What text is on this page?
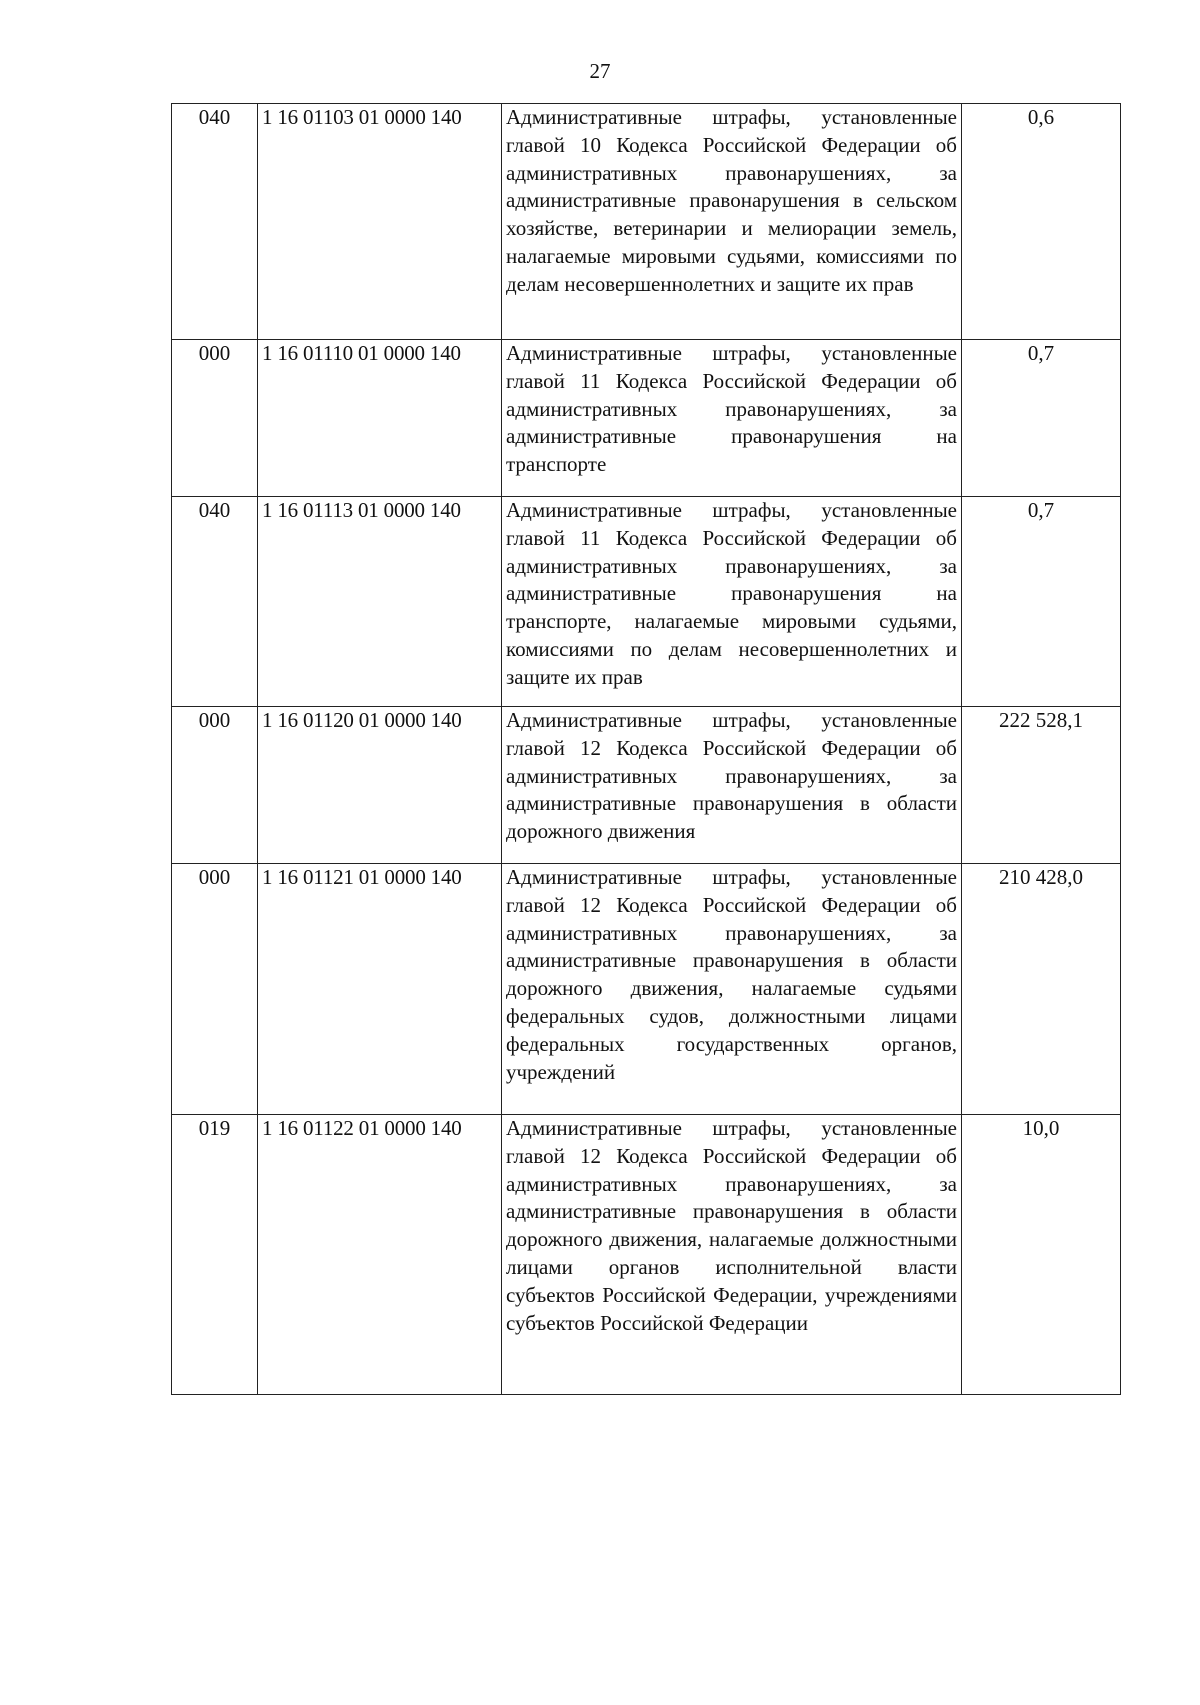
27
040	1 16 01103 01 0000 140	Административные штрафы, установленные главой 10 Кодекса Российской Федерации об административных правонарушениях, за административные правонарушения в сельском хозяйстве, ветеринарии и мелиорации земель, налагаемые мировыми судьями, комиссиями по делам несовершеннолетних и защите их прав	0,6
000	1 16 01110 01 0000 140	Административные штрафы, установленные главой 11 Кодекса Российской Федерации об административных правонарушениях, за административные правонарушения на транспорте	0,7
040	1 16 01113 01 0000 140	Административные штрафы, установленные главой 11 Кодекса Российской Федерации об административных правонарушениях, за административные правонарушения на транспорте, налагаемые мировыми судьями, комиссиями по делам несовершеннолетних и защите их прав	0,7
000	1 16 01120 01 0000 140	Административные штрафы, установленные главой 12 Кодекса Российской Федерации об административных правонарушениях, за административные правонарушения в области дорожного движения	222 528,1
000	1 16 01121 01 0000 140	Административные штрафы, установленные главой 12 Кодекса Российской Федерации об административных правонарушениях, за административные правонарушения в области дорожного движения, налагаемые судьями федеральных судов, должностными лицами федеральных государственных органов, учреждений	210 428,0
019	1 16 01122 01 0000 140	Административные штрафы, установленные главой 12 Кодекса Российской Федерации об административных правонарушениях, за административные правонарушения в области дорожного движения, налагаемые должностными лицами органов исполнительной власти субъектов Российской Федерации, учреждениями субъектов Российской Федерации	10,0
